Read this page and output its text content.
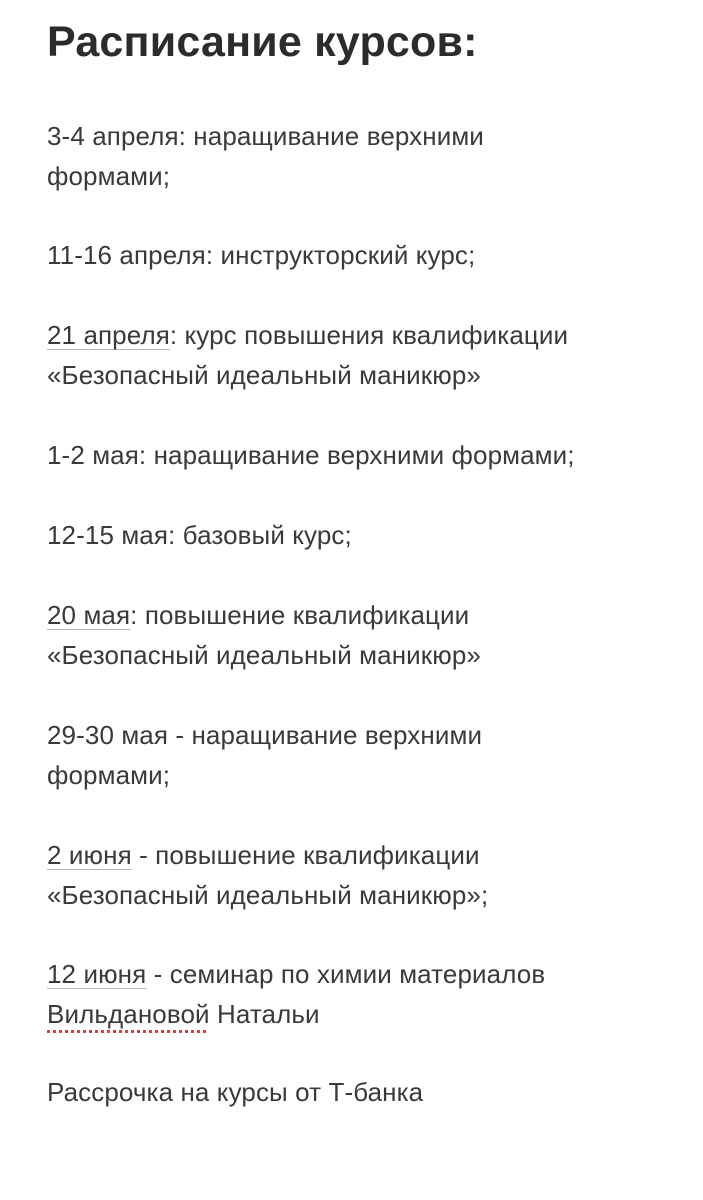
Расписание курсов:
3-4 апреля: наращивание верхними
формами;
11-16 апреля: инструкторский курс;
21 апреля: курс повышения квалификации
«Безопасный идеальный маникюр»
1-2 мая: наращивание верхними формами;
12-15 мая: базовый курс;
20 мая: повышение квалификации
«Безопасный идеальный маникюр»
29-30 мая - наращивание верхними
формами;
2 июня - повышение квалификации
«Безопасный идеальный маникюр»;
12 июня - семинар по химии материалов
Вильдановой Натальи
Рассрочка на курсы от Т-банка
